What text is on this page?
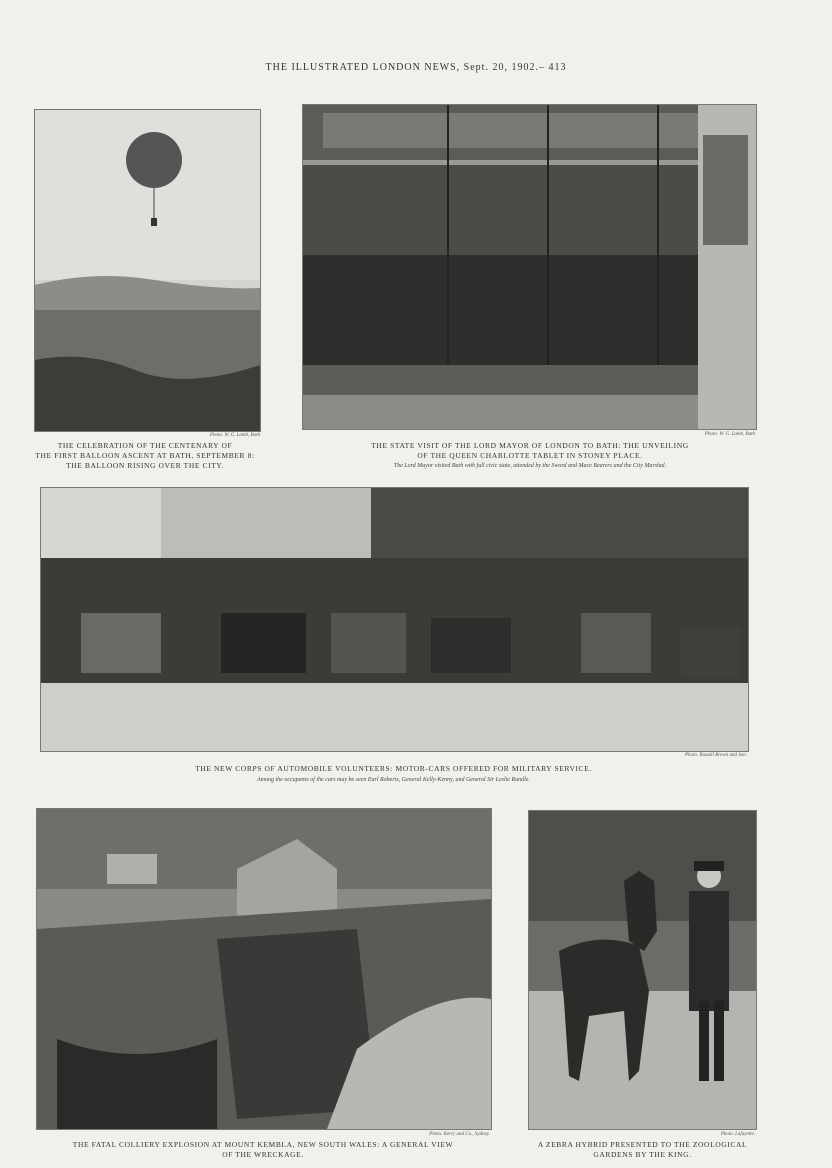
THE ILLUSTRATED LONDON NEWS, Sept. 20, 1902.– 413
Photo. W. G. Lamb, Bath
THE CELEBRATION OF THE CENTENARY OF
THE FIRST BALLOON ASCENT AT BATH, SEPTEMBER 8:
THE BALLOON RISING OVER THE CITY.
Photo. W. G. Lamb, Bath
THE STATE VISIT OF THE LORD MAYOR OF LONDON TO BATH: THE UNVEILING
OF THE QUEEN CHARLOTTE TABLET IN STONEY PLACE.
The Lord Mayor visited Bath with full civic state, attended by the Sword and Mace Bearers and the City Marshal.
Photo. Russell Brown and Son.
THE NEW CORPS OF AUTOMOBILE VOLUNTEERS: MOTOR-CARS OFFERED FOR MILITARY SERVICE.
Among the occupants of the cars may be seen Earl Roberts, General Kelly-Kenny, and General Sir Leslie Rundle.
Photo. Kerry and Co., Sydney.
THE FATAL COLLIERY EXPLOSION AT MOUNT KEMBLA, NEW SOUTH WALES: A GENERAL VIEW
OF THE WRECKAGE.
Photo. Lafayette.
A ZEBRA HYBRID PRESENTED TO THE ZOOLOGICAL
GARDENS BY THE KING.
